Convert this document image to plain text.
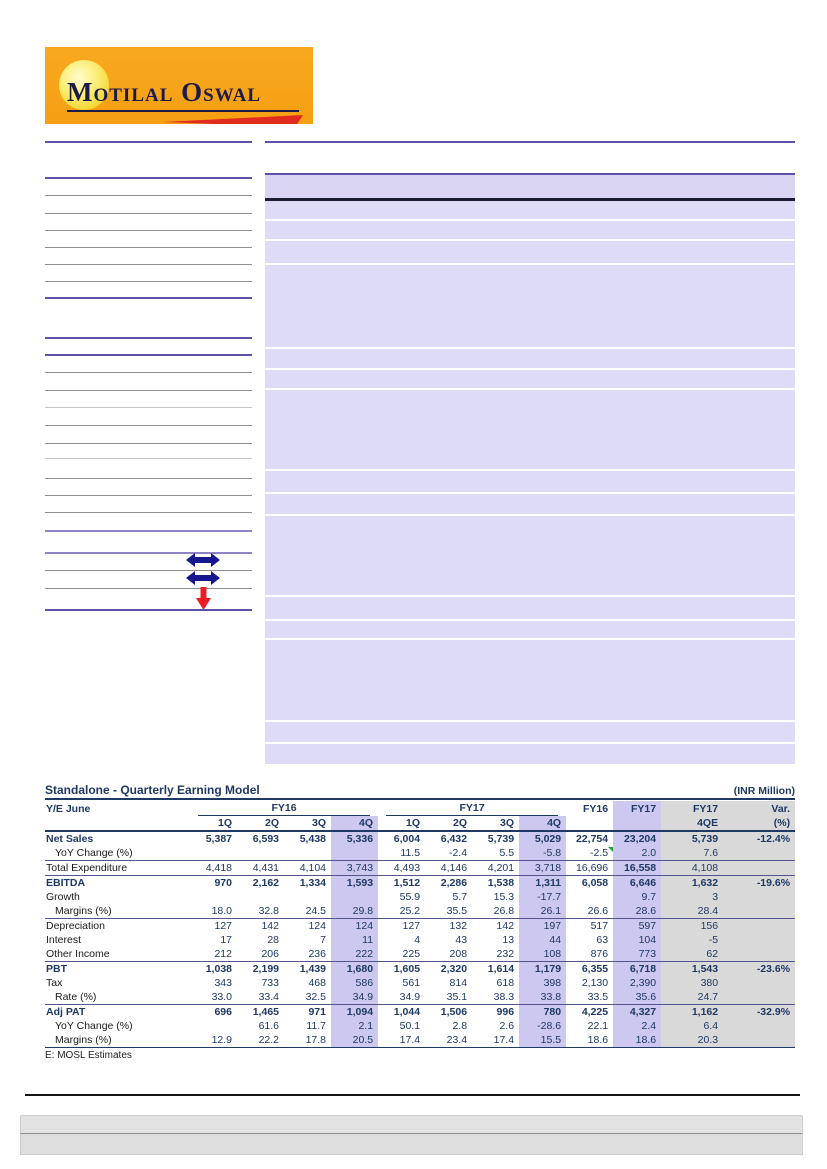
Motilal Oswal
Standalone - Quarterly Earning Model	(INR Million)
Y/E June	FY16				FY17				FY16	FY17	FY17	Var.
	1Q	2Q	3Q	4Q	1Q	2Q	3Q	4Q			4QE	(%)
Net Sales	5,387	6,593	5,438	5,336	6,004	6,432	5,739	5,029	22,754	23,204	5,739	-12.4%
YoY Change (%)					11.5	-2.4	5.5	-5.8	-2.5	2.0	7.6	
Total Expenditure	4,418	4,431	4,104	3,743	4,493	4,146	4,201	3,718	16,696	16,558	4,108	
EBITDA	970	2,162	1,334	1,593	1,512	2,286	1,538	1,311	6,058	6,646	1,632	-19.6%
Growth					55.9	5.7	15.3	-17.7		9.7	3	
Margins (%)	18.0	32.8	24.5	29.8	25.2	35.5	26.8	26.1	26.6	28.6	28.4	
Depreciation	127	142	124	124	127	132	142	197	517	597	156	
Interest	17	28	7	11	4	43	13	44	63	104	-5	
Other Income	212	206	236	222	225	208	232	108	876	773	62	
PBT	1,038	2,199	1,439	1,680	1,605	2,320	1,614	1,179	6,355	6,718	1,543	-23.6%
Tax	343	733	468	586	561	814	618	398	2,130	2,390	380	
Rate (%)	33.0	33.4	32.5	34.9	34.9	35.1	38.3	33.8	33.5	35.6	24.7	
Adj PAT	696	1,465	971	1,094	1,044	1,506	996	780	4,225	4,327	1,162	-32.9%
YoY Change (%)		61.6	11.7	2.1	50.1	2.8	2.6	-28.6	22.1	2.4	6.4	
Margins (%)	12.9	22.2	17.8	20.5	17.4	23.4	17.4	15.5	18.6	18.6	20.3	
E: MOSL Estimates
